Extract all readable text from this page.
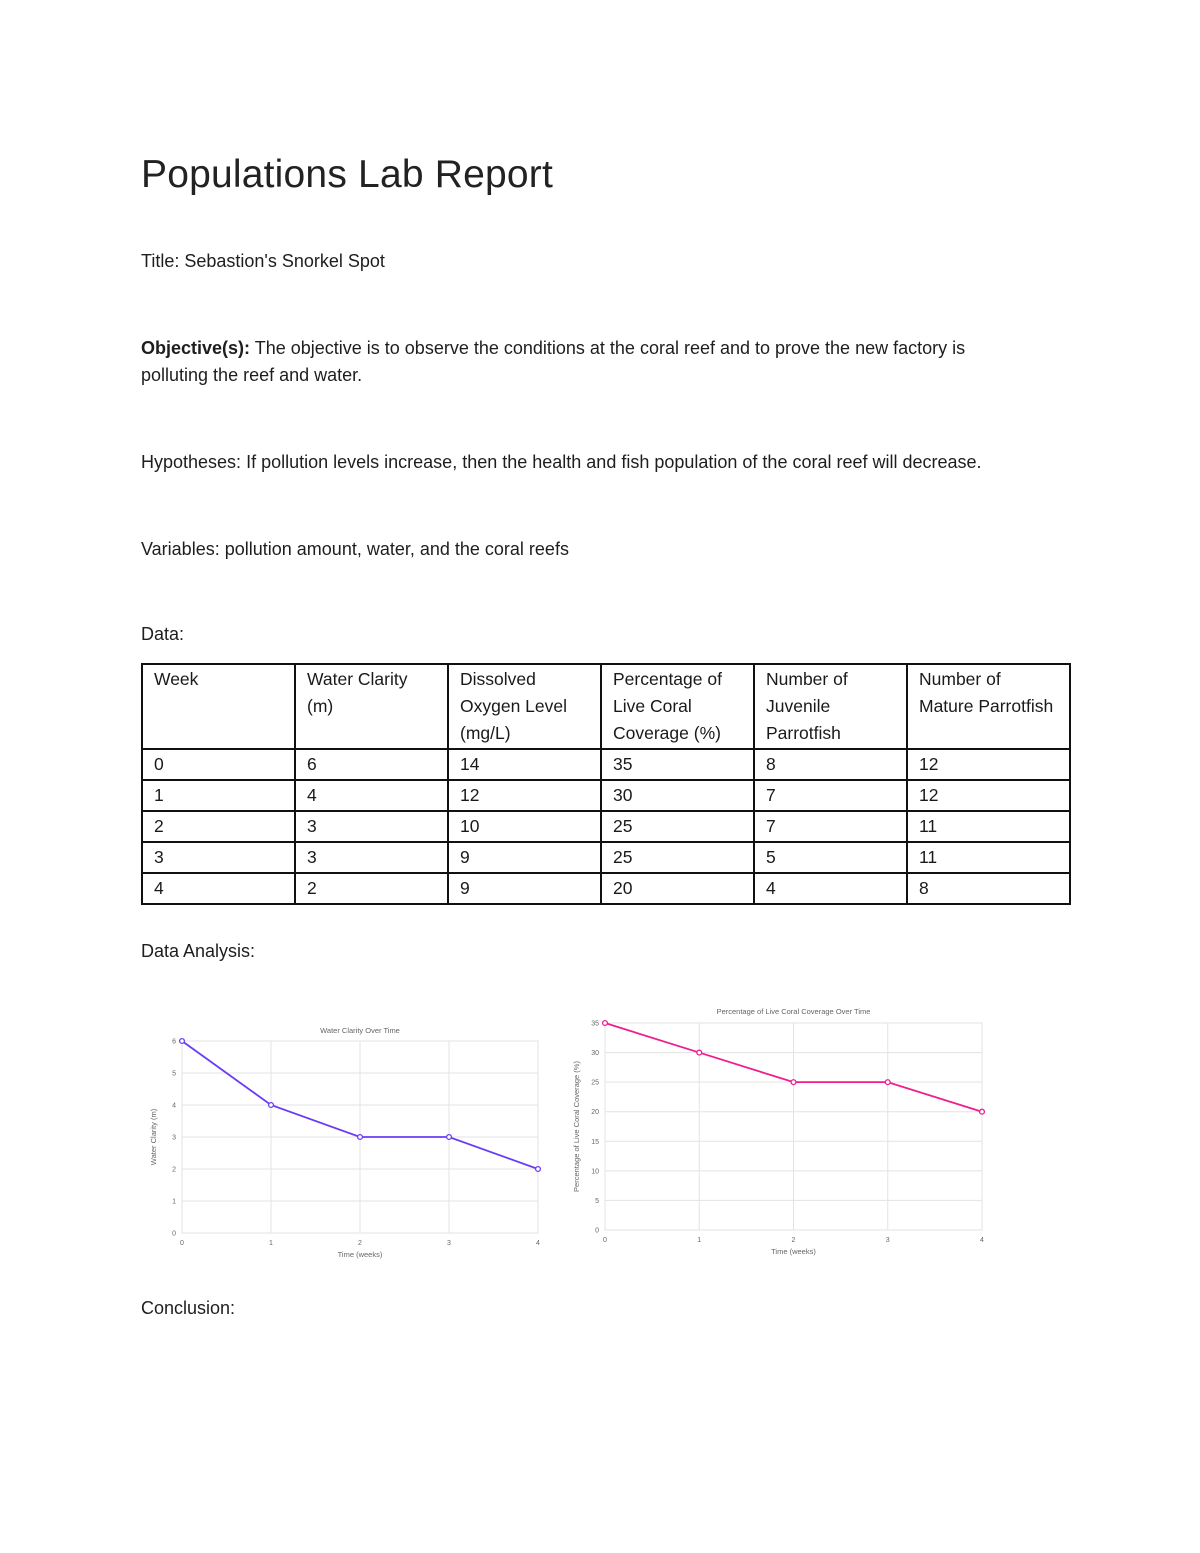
Populations Lab Report

Title: Sebastion's Snorkel Spot

Objective(s): The objective is to observe the conditions at the coral reef and to prove the new factory is polluting the reef and water.

Hypotheses: If pollution levels increase, then the health and fish population of the coral reef will decrease.

Variables: pollution amount, water, and the coral reefs

Data:

Week	Water Clarity (m)	Dissolved Oxygen Level (mg/L)	Percentage of Live Coral Coverage (%)	Number of Juvenile Parrotfish	Number of Mature Parrotfish
0	6	14	35	8	12
1	4	12	30	7	12
2	3	10	25	7	11
3	3	9	25	5	11
4	2	9	20	4	8

Data Analysis:

0
1
2
3
4
5
6
0	1	2	3	4
Water Clarity Over Time
Time (weeks)
Water Clarity (m)
0
5
10
15
20
25
30
35
0	1	2	3	4
Percentage of Live Coral Coverage Over Time
Time (weeks)
Percentage of Live Coral Coverage (%)

Conclusion:
